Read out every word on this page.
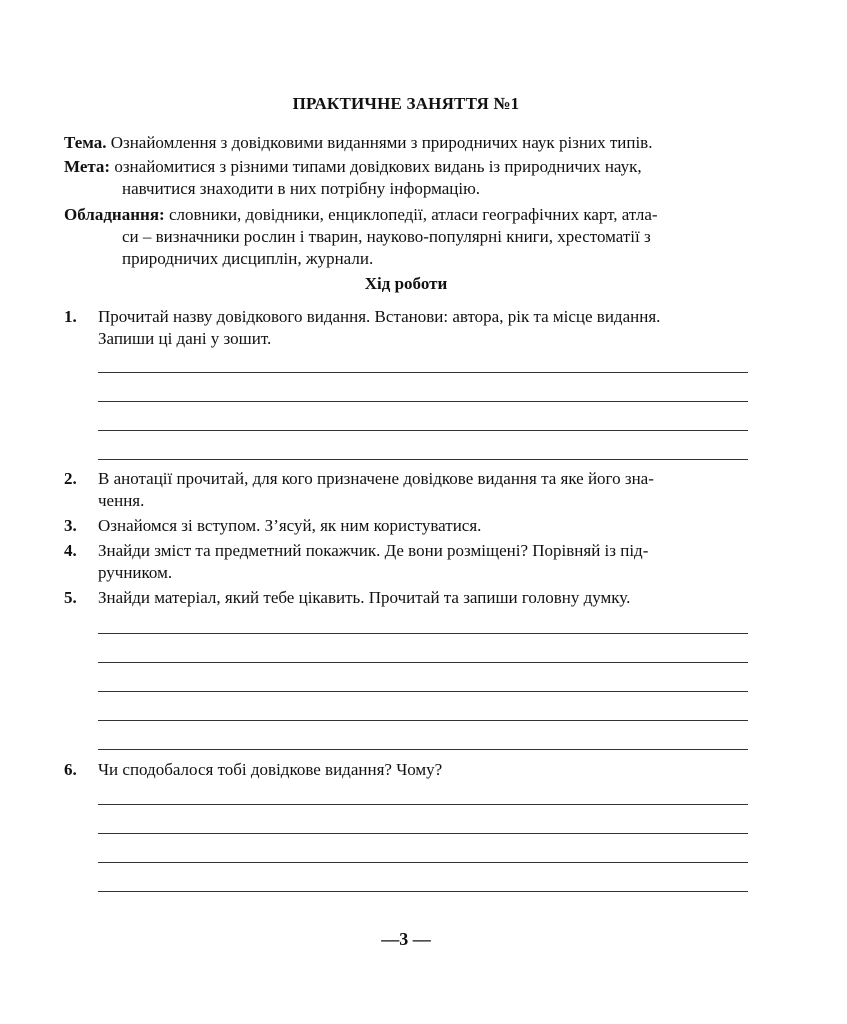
ПРАКТИЧНЕ ЗАНЯТТЯ №1
Тема. Ознайомлення з довідковими виданнями з природничих наук різних типів.
Мета: ознайомитися з різними типами довідкових видань із природничих наук,
навчитися знаходити в них потрібну інформацію.
Обладнання: словники, довідники, енциклопедії, атласи географічних карт, атла-
си – визначники рослин і тварин, науково-популярні книги, хрестоматії з
природничих дисциплін, журнали.
Хід роботи
1. Прочитай назву довідкового видання. Встанови: автора, рік та місце видання.
Запиши ці дані у зошит.
2. В анотації прочитай, для кого призначене довідкове видання та яке його зна-
чення.
3. Ознайомся зі вступом. З’ясуй, як ним користуватися.
4. Знайди зміст та предметний покажчик. Де вони розміщені? Порівняй із під-
ручником.
5. Знайди матеріал, який тебе цікавить. Прочитай та запиши головну думку.
6. Чи сподобалося тобі довідкове видання? Чому?
—3 —
